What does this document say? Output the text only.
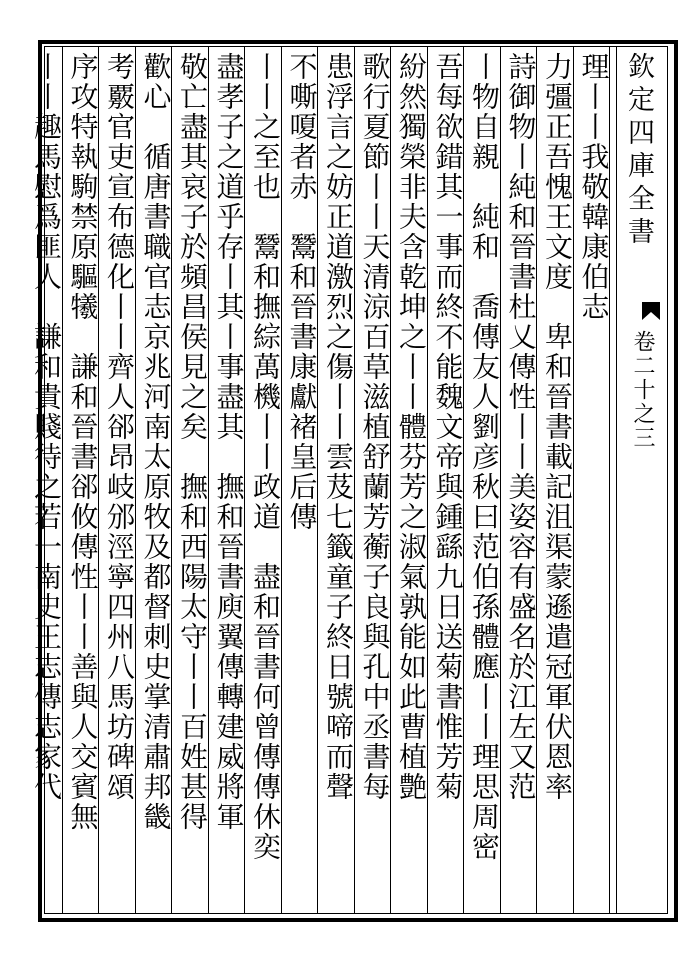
欽定四庫全書
卷二十之三
理丨丨我敬韓康伯志
力彊正吾愧王文度　卑和晉書載記沮渠蒙遜遣冠軍伏恩率
詩御物丨純和晉書杜乂傳性丨丨美姿容有盛名於江左又范
丨物自親　純和　喬傳友人劉彦秋曰范伯孫體應丨丨理思周密
吾每欲錯其一事而終不能魏文帝與鍾繇九日送菊書惟芳菊
紛然獨榮非夫含乾坤之丨丨體芬芳之淑氣孰能如此曹植艶
歌行夏節丨丨天清涼百草滋植舒蘭芳蘅子良與孔中丞書每
患浮言之妨正道激烈之傷丨丨雲芨七籤童子終日號啼而聲
不嘶嗄者赤　鬵和晉書康獻褚皇后傳
丨丨之至也　鬵和撫綜萬機丨丨政道　盡和晉書何曾傳傳休奕
盡孝子之道乎存丨其丨事盡其　撫和晉書庾翼傳轉建威將軍
敬亡盡其哀子於頻昌侯見之矣　撫和西陽太守丨丨百姓甚得
歡心　循唐書職官志京兆河南太原牧及都督刺史掌清肅邦畿
考覈官吏宣布德化丨丨齊人郤昂岐邠涇寧四州八馬坊碑頌
序攻特執駒禁原驅犧　謙和晉書郤攸傳性丨丨善與人交賓無
丨丨趣馬慰爲匪人　謙和貴賤待之若一南史王志傳志家代
